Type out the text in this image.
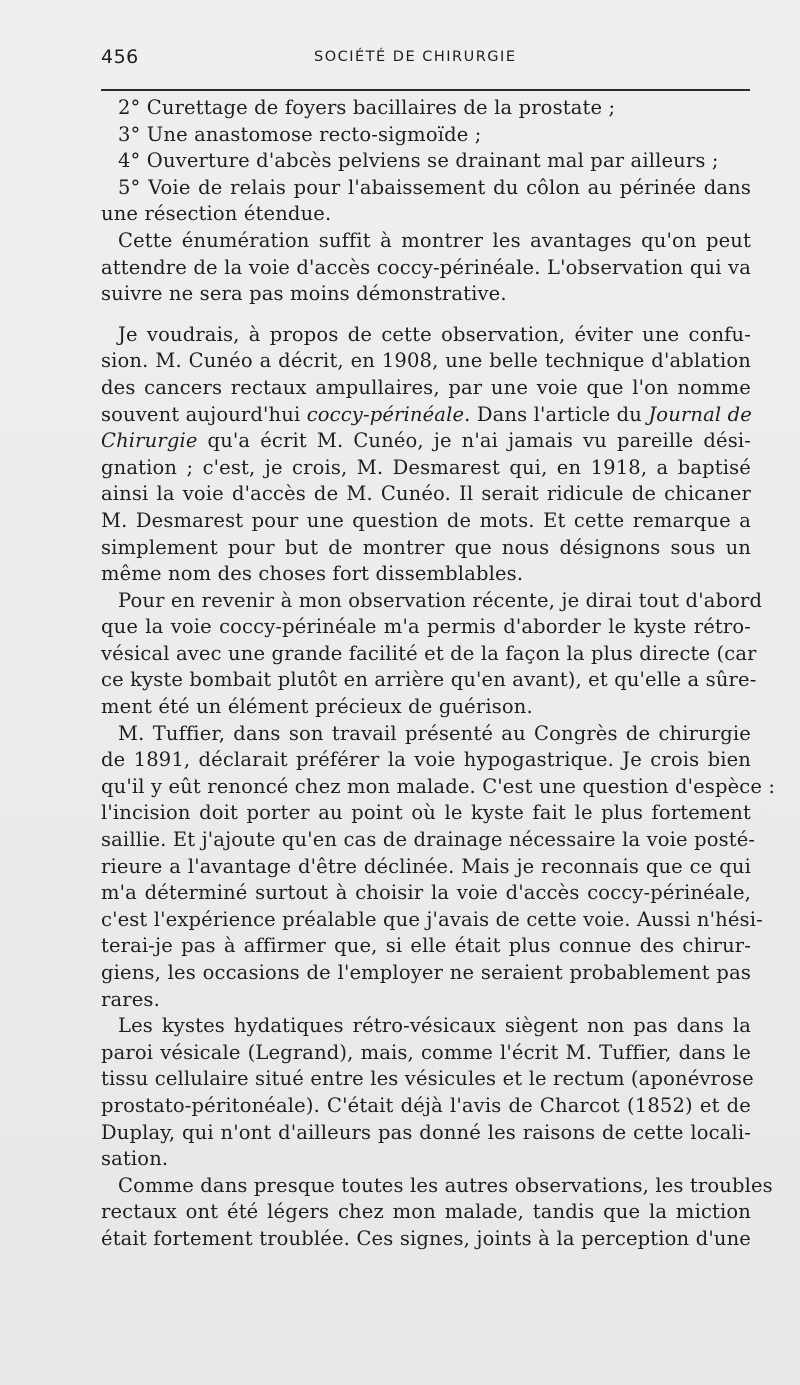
456	SOCIÉTÉ DE CHIRURGIE
2° Curettage de foyers bacillaires de la prostate ;
3° Une anastomose recto-sigmoïde ;
4° Ouverture d'abcès pelviens se drainant mal par ailleurs ;
5° Voie de relais pour l'abaissement du côlon au périnée dans
une résection étendue.
Cette énumération suffit à montrer les avantages qu'on peut
attendre de la voie d'accès coccy-périnéale. L'observation qui va
suivre ne sera pas moins démonstrative.
Je voudrais, à propos de cette observation, éviter une confu-
sion. M. Cunéo a décrit, en 1908, une belle technique d'ablation
des cancers rectaux ampullaires, par une voie que l'on nomme
souvent aujourd'hui coccy-périnéale. Dans l'article du Journal de
Chirurgie qu'a écrit M. Cunéo, je n'ai jamais vu pareille dési-
gnation ; c'est, je crois, M. Desmarest qui, en 1918, a baptisé
ainsi la voie d'accès de M. Cunéo. Il serait ridicule de chicaner
M. Desmarest pour une question de mots. Et cette remarque a
simplement pour but de montrer que nous désignons sous un
même nom des choses fort dissemblables.
Pour en revenir à mon observation récente, je dirai tout d'abord
que la voie coccy-périnéale m'a permis d'aborder le kyste rétro-
vésical avec une grande facilité et de la façon la plus directe (car
ce kyste bombait plutôt en arrière qu'en avant), et qu'elle a sûre-
ment été un élément précieux de guérison.
M. Tuffier, dans son travail présenté au Congrès de chirurgie
de 1891, déclarait préférer la voie hypogastrique. Je crois bien
qu'il y eût renoncé chez mon malade. C'est une question d'espèce :
l'incision doit porter au point où le kyste fait le plus fortement
saillie. Et j'ajoute qu'en cas de drainage nécessaire la voie posté-
rieure a l'avantage d'être déclinée. Mais je reconnais que ce qui
m'a déterminé surtout à choisir la voie d'accès coccy-périnéale,
c'est l'expérience préalable que j'avais de cette voie. Aussi n'hési-
terai-je pas à affirmer que, si elle était plus connue des chirur-
giens, les occasions de l'employer ne seraient probablement pas
rares.
Les kystes hydatiques rétro-vésicaux siègent non pas dans la
paroi vésicale (Legrand), mais, comme l'écrit M. Tuffier, dans le
tissu cellulaire situé entre les vésicules et le rectum (aponévrose
prostato-péritonéale). C'était déjà l'avis de Charcot (1852) et de
Duplay, qui n'ont d'ailleurs pas donné les raisons de cette locali-
sation.
Comme dans presque toutes les autres observations, les troubles
rectaux ont été légers chez mon malade, tandis que la miction
était fortement troublée. Ces signes, joints à la perception d'une
